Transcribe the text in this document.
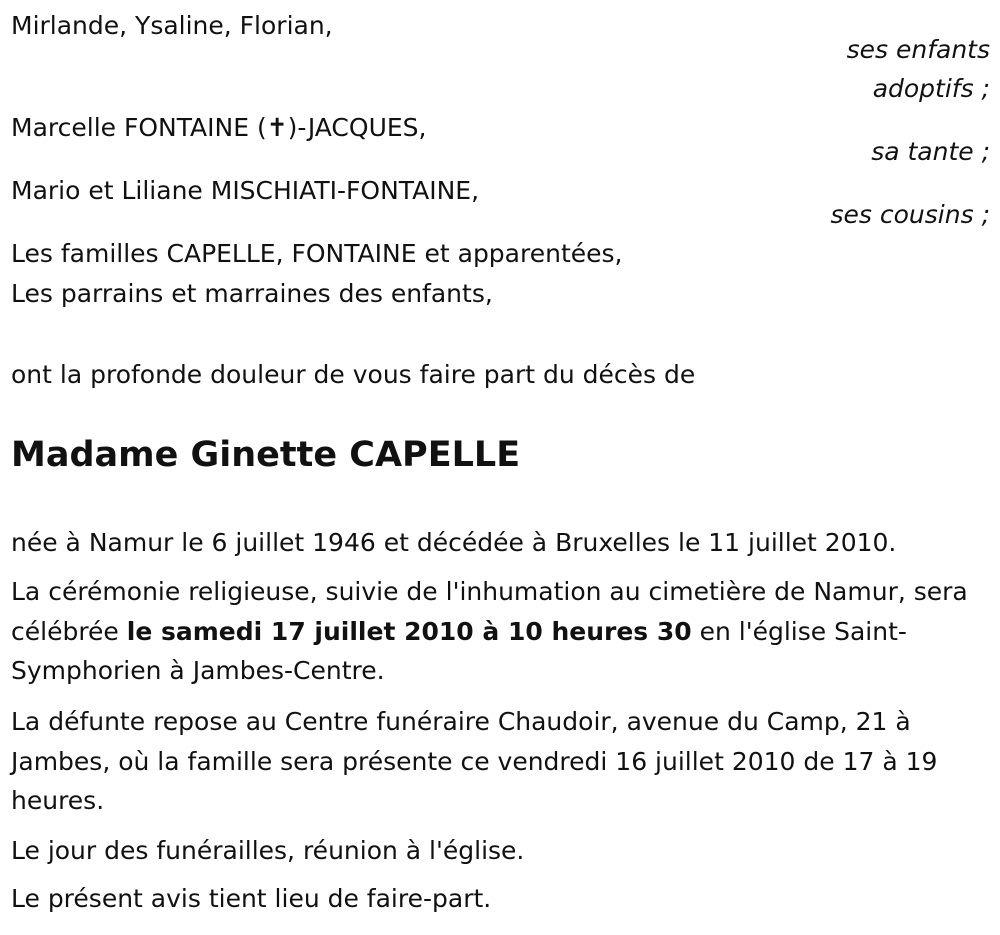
Mirlande, Ysaline, Florian,
ses enfants
adoptifs ;
Marcelle FONTAINE (✝)-JACQUES,
sa tante ;
Mario et Liliane MISCHIATI-FONTAINE,
ses cousins ;
Les familles CAPELLE, FONTAINE et apparentées,
Les parrains et marraines des enfants,
ont la profonde douleur de vous faire part du décès de
Madame Ginette CAPELLE
née à Namur le 6 juillet 1946 et décédée à Bruxelles le 11 juillet 2010.
La cérémonie religieuse, suivie de l'inhumation au cimetière de Namur, sera célébrée le samedi 17 juillet 2010 à 10 heures 30 en l'église Saint-Symphorien à Jambes-Centre.
La défunte repose au Centre funéraire Chaudoir, avenue du Camp, 21 à Jambes, où la famille sera présente ce vendredi 16 juillet 2010 de 17 à 19 heures.
Le jour des funérailles, réunion à l'église.
Le présent avis tient lieu de faire-part.
